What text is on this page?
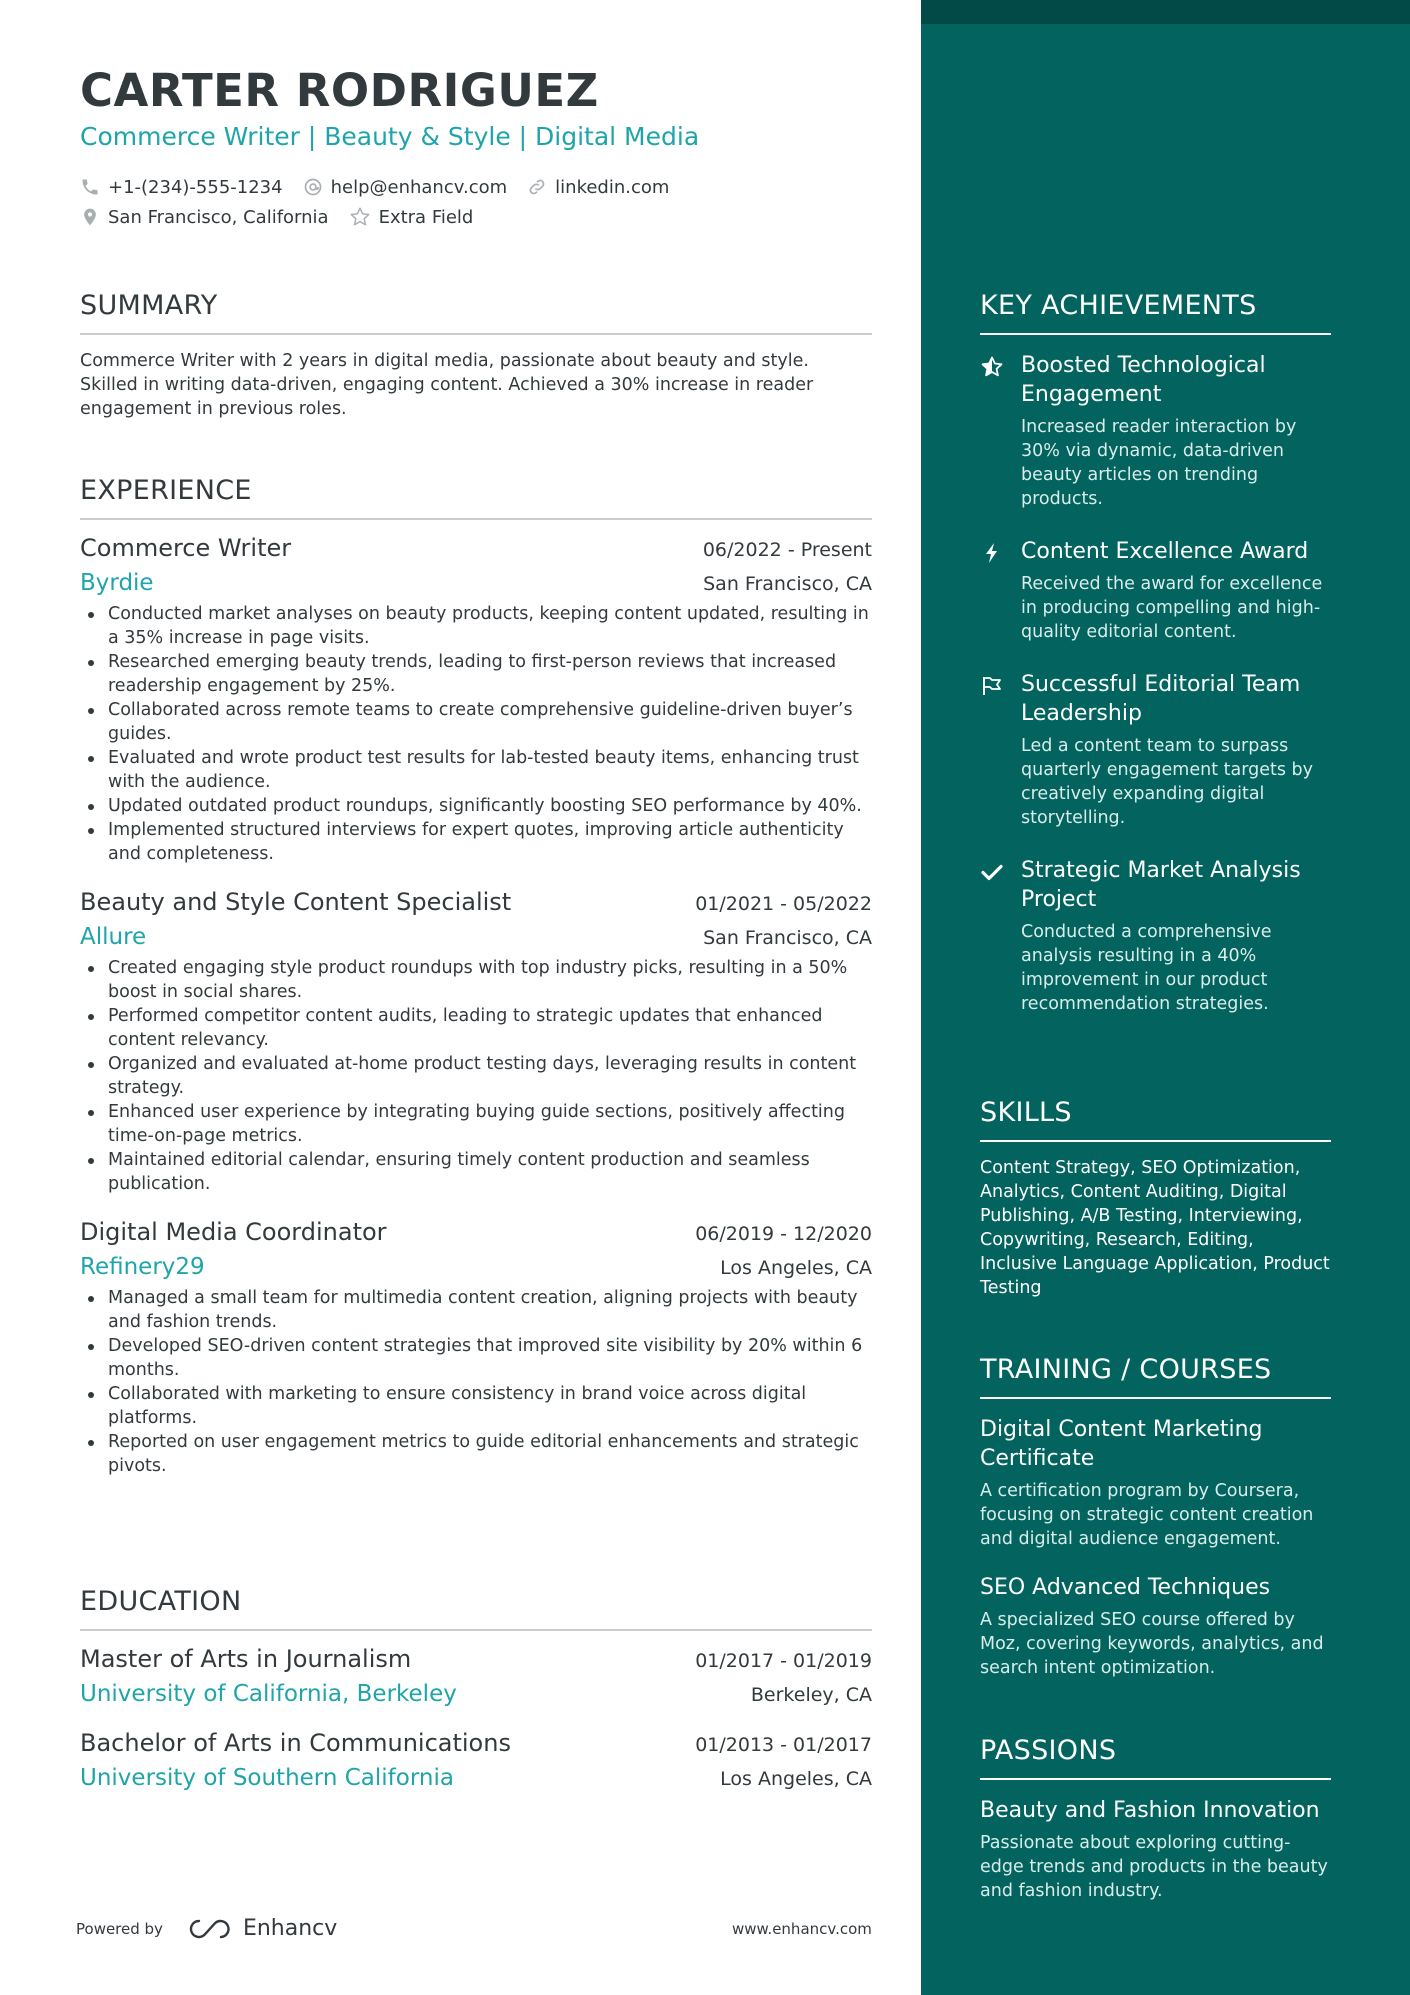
CARTER RODRIGUEZ
Commerce Writer | Beauty & Style | Digital Media
+1-(234)-555-1234	help@enhancv.com	linkedin.com
San Francisco, California	Extra Field
SUMMARY
Commerce Writer with 2 years in digital media, passionate about beauty and style. Skilled in writing data-driven, engaging content. Achieved a 30% increase in reader engagement in previous roles.
EXPERIENCE
Commerce Writer	06/2022 - Present
Byrdie	San Francisco, CA
Conducted market analyses on beauty products, keeping content updated, resulting in a 35% increase in page visits.
Researched emerging beauty trends, leading to first-person reviews that increased readership engagement by 25%.
Collaborated across remote teams to create comprehensive guideline-driven buyer’s guides.
Evaluated and wrote product test results for lab-tested beauty items, enhancing trust with the audience.
Updated outdated product roundups, significantly boosting SEO performance by 40%.
Implemented structured interviews for expert quotes, improving article authenticity and completeness.
Beauty and Style Content Specialist	01/2021 - 05/2022
Allure	San Francisco, CA
Created engaging style product roundups with top industry picks, resulting in a 50% boost in social shares.
Performed competitor content audits, leading to strategic updates that enhanced content relevancy.
Organized and evaluated at-home product testing days, leveraging results in content strategy.
Enhanced user experience by integrating buying guide sections, positively affecting time-on-page metrics.
Maintained editorial calendar, ensuring timely content production and seamless publication.
Digital Media Coordinator	06/2019 - 12/2020
Refinery29	Los Angeles, CA
Managed a small team for multimedia content creation, aligning projects with beauty and fashion trends.
Developed SEO-driven content strategies that improved site visibility by 20% within 6 months.
Collaborated with marketing to ensure consistency in brand voice across digital platforms.
Reported on user engagement metrics to guide editorial enhancements and strategic pivots.
EDUCATION
Master of Arts in Journalism	01/2017 - 01/2019
University of California, Berkeley	Berkeley, CA
Bachelor of Arts in Communications	01/2013 - 01/2017
University of Southern California	Los Angeles, CA
Powered by	Enhancv	www.enhancv.com
KEY ACHIEVEMENTS
Boosted Technological Engagement
Increased reader interaction by 30% via dynamic, data-driven beauty articles on trending products.
Content Excellence Award
Received the award for excellence in producing compelling and high-quality editorial content.
Successful Editorial Team Leadership
Led a content team to surpass quarterly engagement targets by creatively expanding digital storytelling.
Strategic Market Analysis Project
Conducted a comprehensive analysis resulting in a 40% improvement in our product recommendation strategies.
SKILLS
Content Strategy, SEO Optimization, Analytics, Content Auditing, Digital Publishing, A/B Testing, Interviewing, Copywriting, Research, Editing, Inclusive Language Application, Product Testing
TRAINING / COURSES
Digital Content Marketing Certificate
A certification program by Coursera, focusing on strategic content creation and digital audience engagement.
SEO Advanced Techniques
A specialized SEO course offered by Moz, covering keywords, analytics, and search intent optimization.
PASSIONS
Beauty and Fashion Innovation
Passionate about exploring cutting-edge trends and products in the beauty and fashion industry.
